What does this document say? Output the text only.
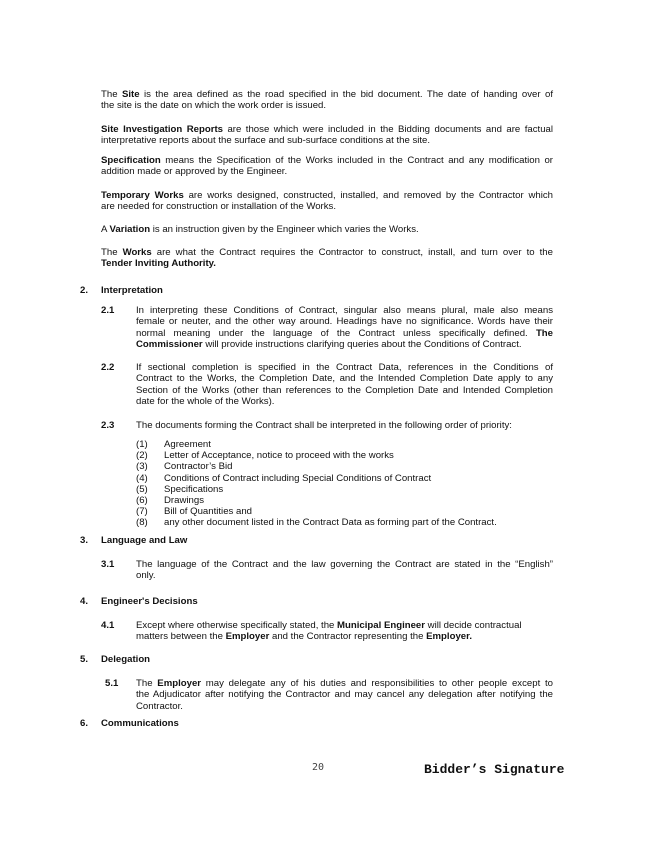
The Site is the area defined as the road specified in the bid document. The date of handing over of
the site is the date on which the work order is issued.
Site Investigation Reports are those which were included in the Bidding documents and are factual
interpretative reports about the surface and sub-surface conditions at the site.
Specification means the Specification of the Works included in the Contract and any modification or
addition made or approved by the Engineer.
Temporary Works are works designed, constructed, installed, and removed by the Contractor which
are needed for construction or installation of the Works.
A Variation is an instruction given by the Engineer which varies the Works.
The Works are what the Contract requires the Contractor to construct, install, and turn over to the
Tender Inviting Authority.
2. Interpretation
2.1 In interpreting these Conditions of Contract, singular also means plural, male also means
female or neuter, and the other way around. Headings have no significance. Words have their
normal meaning under the language of the Contract unless specifically defined. The
Commissioner will provide instructions clarifying queries about the Conditions of Contract.
2.2 If sectional completion is specified in the Contract Data, references in the Conditions of
Contract to the Works, the Completion Date, and the Intended Completion Date apply to any
Section of the Works (other than references to the Completion Date and Intended Completion
date for the whole of the Works).
2.3 The documents forming the Contract shall be interpreted in the following order of priority:
(1) Agreement
(2) Letter of Acceptance, notice to proceed with the works
(3) Contractor’s Bid
(4) Conditions of Contract including Special Conditions of Contract
(5) Specifications
(6) Drawings
(7) Bill of Quantities and
(8) any other document listed in the Contract Data as forming part of the Contract.
3. Language and Law
3.1 The language of the Contract and the law governing the Contract are stated in the “English”
only.
4. Engineer's Decisions
4.1 Except where otherwise specifically stated, the Municipal Engineer will decide contractual
matters between the Employer and the Contractor representing the Employer.
5. Delegation
5.1 The Employer may delegate any of his duties and responsibilities to other people except to
the Adjudicator after notifying the Contractor and may cancel any delegation after notifying the
Contractor.
6. Communications
20	Bidder’s Signature
